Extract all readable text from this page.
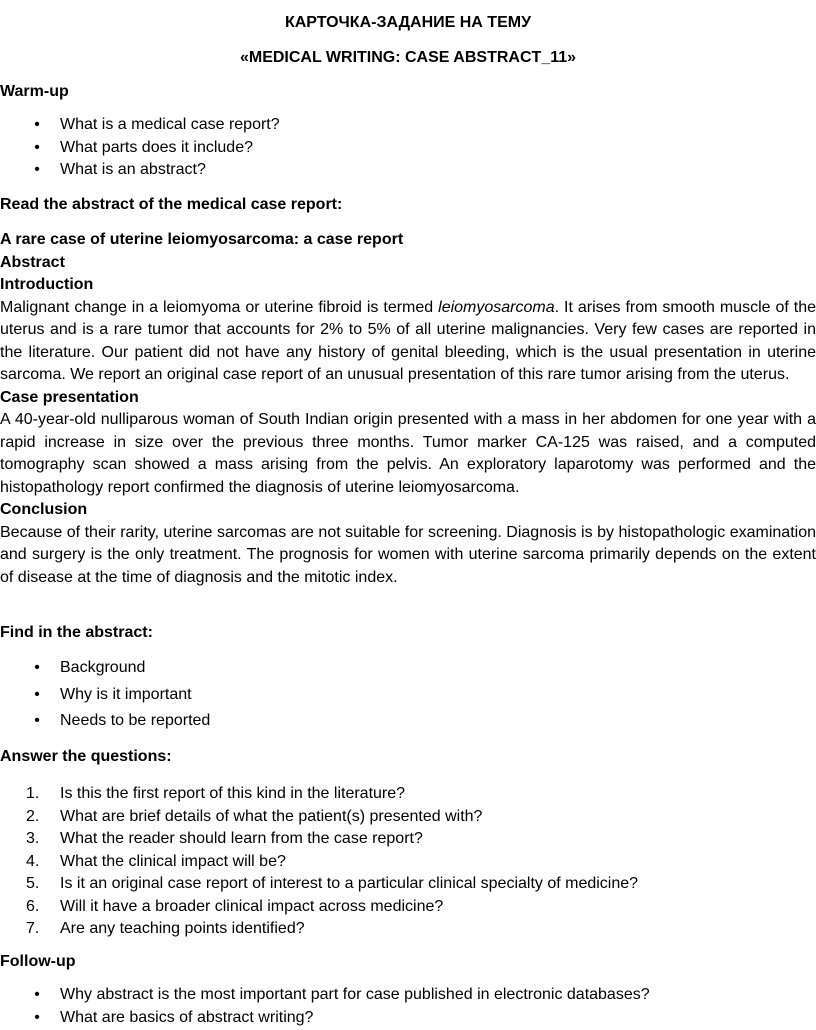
КАРТОЧКА-ЗАДАНИЕ НА ТЕМУ

«MEDICAL WRITING: CASE ABSTRACT_11»

Warm-up

• What is a medical case report?
• What parts does it include?
• What is an abstract?

Read the abstract of the medical case report:

A rare case of uterine leiomyosarcoma: a case report

Abstract

Introduction

Malignant change in a leiomyoma or uterine fibroid is termed leiomyosarcoma. It arises from smooth muscle of the uterus and is a rare tumor that accounts for 2% to 5% of all uterine malignancies. Very few cases are reported in the literature. Our patient did not have any history of genital bleeding, which is the usual presentation in uterine sarcoma. We report an original case report of an unusual presentation of this rare tumor arising from the uterus.

Case presentation

A 40-year-old nulliparous woman of South Indian origin presented with a mass in her abdomen for one year with a rapid increase in size over the previous three months. Tumor marker CA-125 was raised, and a computed tomography scan showed a mass arising from the pelvis. An exploratory laparotomy was performed and the histopathology report confirmed the diagnosis of uterine leiomyosarcoma.

Conclusion

Because of their rarity, uterine sarcomas are not suitable for screening. Diagnosis is by histopathologic examination and surgery is the only treatment. The prognosis for women with uterine sarcoma primarily depends on the extent of disease at the time of diagnosis and the mitotic index.

Find in the abstract:

• Background
• Why is it important
• Needs to be reported

Answer the questions:

1.	Is this the first report of this kind in the literature?
2.	What are brief details of what the patient(s) presented with?
3.	What the reader should learn from the case report?
4.	What the clinical impact will be?
5.	Is it an original case report of interest to a particular clinical specialty of medicine?
6.	Will it have a broader clinical impact across medicine?
7.	Are any teaching points identified?

Follow-up

• Why abstract is the most important part for case published in electronic databases?
• What are basics of abstract writing?
